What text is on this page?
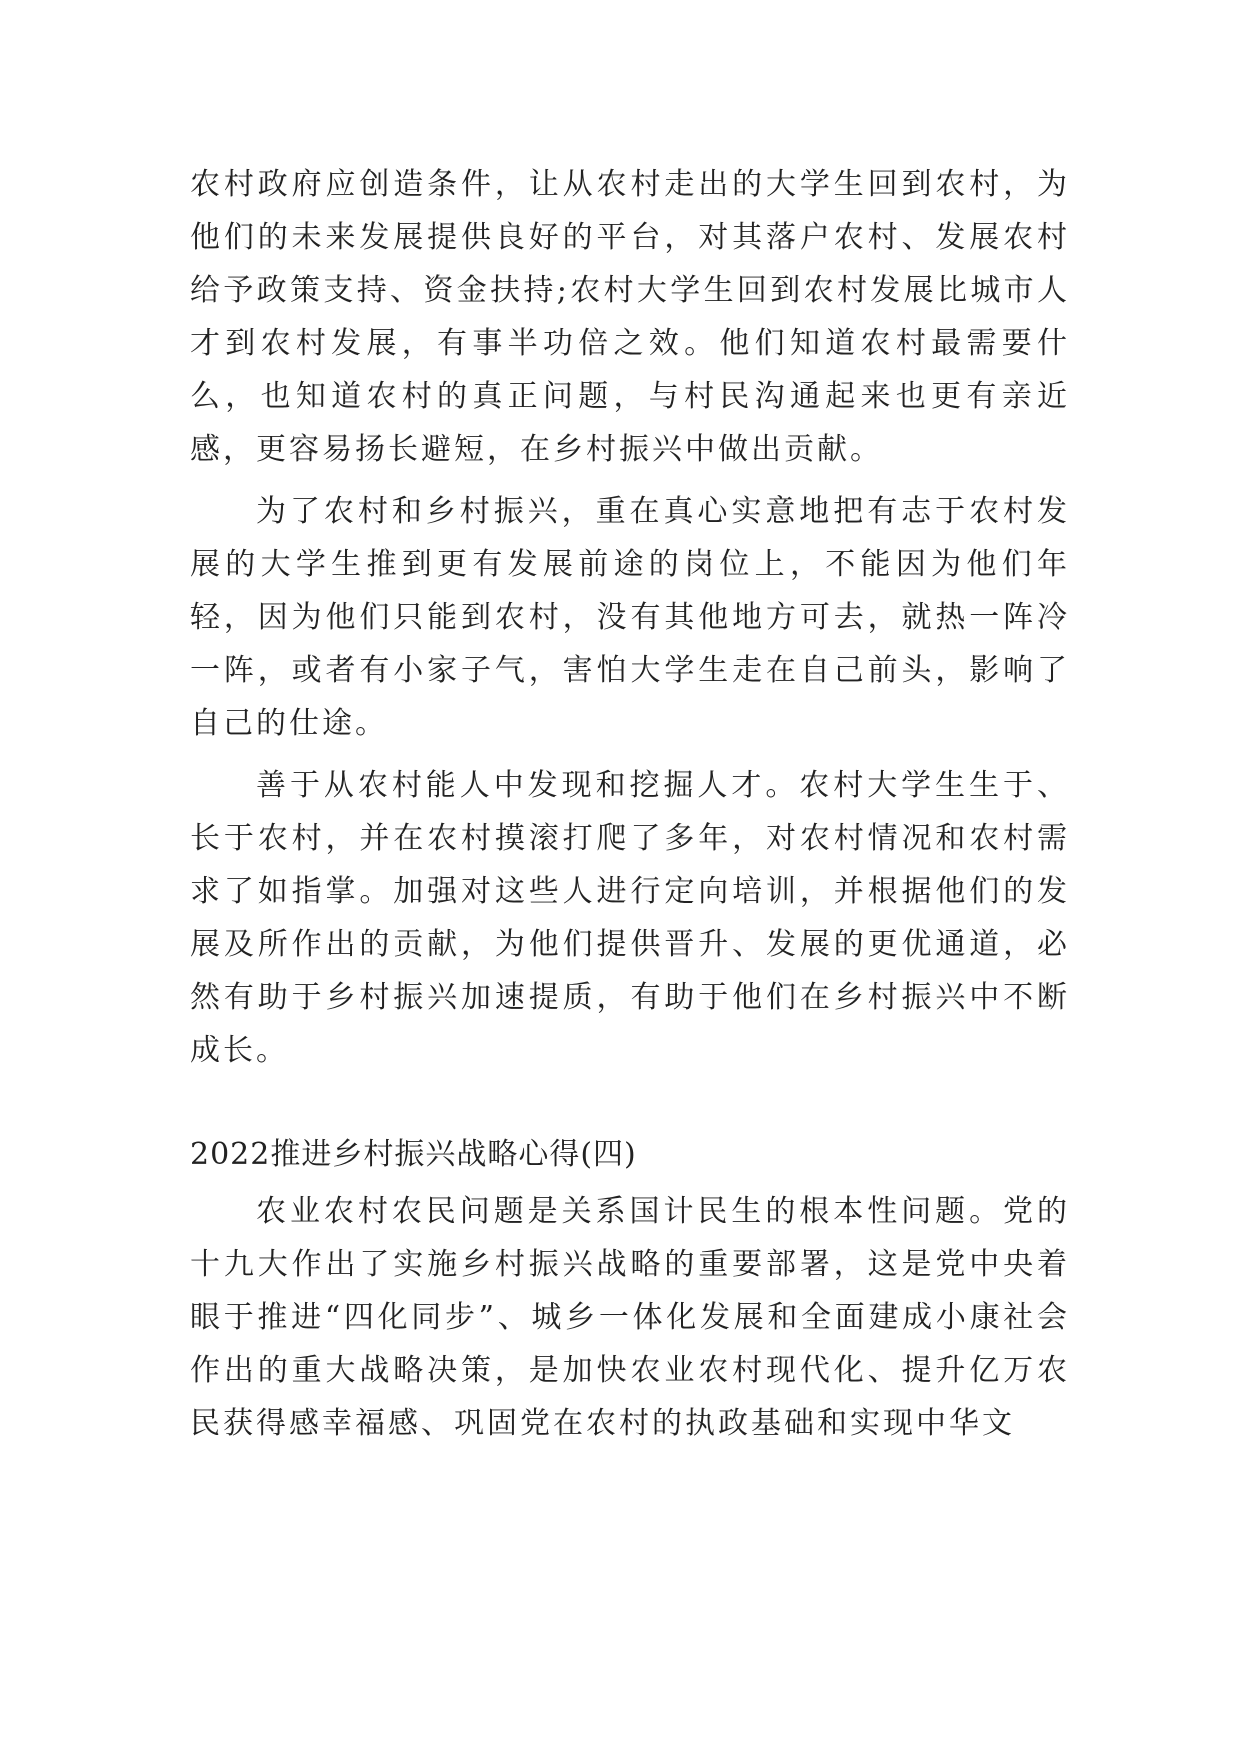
农村政府应创造条件，让从农村走出的大学生回到农村，为他们的未来发展提供良好的平台，对其落户农村、发展农村给予政策支持、资金扶持;农村大学生回到农村发展比城市人才到农村发展，有事半功倍之效。他们知道农村最需要什么，也知道农村的真正问题，与村民沟通起来也更有亲近感，更容易扬长避短，在乡村振兴中做出贡献。

为了农村和乡村振兴，重在真心实意地把有志于农村发展的大学生推到更有发展前途的岗位上，不能因为他们年轻，因为他们只能到农村，没有其他地方可去，就热一阵冷一阵，或者有小家子气，害怕大学生走在自己前头，影响了自己的仕途。

善于从农村能人中发现和挖掘人才。农村大学生生于、长于农村，并在农村摸滚打爬了多年，对农村情况和农村需求了如指掌。加强对这些人进行定向培训，并根据他们的发展及所作出的贡献，为他们提供晋升、发展的更优通道，必然有助于乡村振兴加速提质，有助于他们在乡村振兴中不断成长。

2022推进乡村振兴战略心得(四)

农业农村农民问题是关系国计民生的根本性问题。党的十九大作出了实施乡村振兴战略的重要部署，这是党中央着眼于推进“四化同步”、城乡一体化发展和全面建成小康社会作出的重大战略决策，是加快农业农村现代化、提升亿万农民获得感幸福感、巩固党在农村的执政基础和实现中华文
